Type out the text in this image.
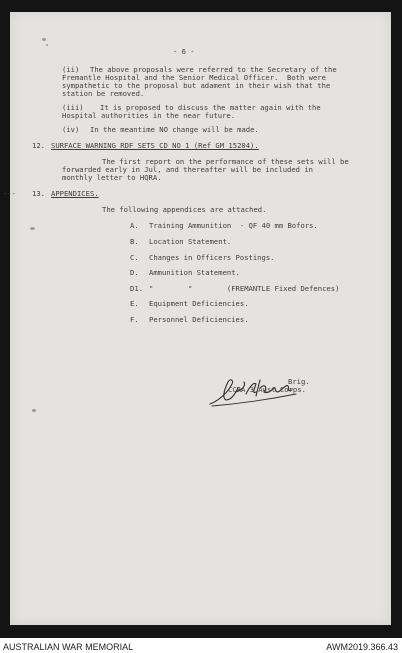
- 6 -

(ii) The above proposals were referred to the Secretary of the

Fremantle Hospital and the Senior Medical Officer.  Both were

sympathetic to the proposal but adament in their wish that the

station be removed.

(iii) It is proposed to discuss the matter again with the

Hospital authorities in the near future.

(iv) In the meantime NO change will be made.

12. SURFACE WARNING RDF SETS CD NO 1 (Ref GM 15204).

The first report on the performance of these sets will be

forwarded early in Jul, and thereafter will be included in

monthly letter to HQRA.

--- 13. APPENDICES.

The following appendices are attached.

A. Training Ammunition  - QF 40 mm Bofors.

B. Location Statement.

C. Changes in Officers Postings.

D. Ammunition Statement.

D1. "        "        (FREMANTLE Fixed Defences)

E. Equipment Deficiencies.

F. Personnel Deficiencies.

Brig.

CCRA 3 Aust Corps.

AUSTRALIAN WAR MEMORIAL	AWM2019.366.43
